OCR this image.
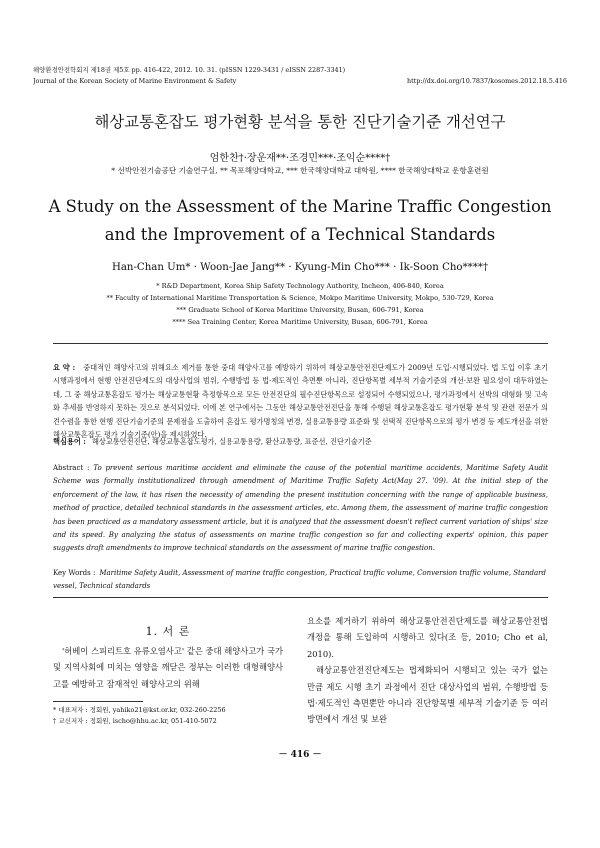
해양환경안전학회지 제18권 제5호 pp. 416-422, 2012. 10. 31. (pISSN 1229-3431 / eISSN 2287-3341)
Journal of the Korean Society of Marine Environment & Safety	http://dx.doi.org/10.7837/kosomes.2012.18.5.416
해상교통혼잡도 평가현황 분석을 통한 진단기술기준 개선연구
엄한찬†·장운재**·조경민***·조익순****†
* 선박안전기술공단 기술연구실, ** 목포해양대학교, *** 한국해양대학교 대학원, **** 한국해양대학교 운항훈련원
A Study on the Assessment of the Marine Traffic Congestion
and the Improvement of a Technical Standards
Han-Chan Um* · Woon-Jae Jang** · Kyung-Min Cho*** · Ik-Soon Cho****†
* R&D Department, Korea Ship Safety Technology Authority, Incheon, 406-840, Korea
** Faculty of International Maritime Transportation & Science, Mokpo Maritime University, Mokpo, 530-729, Korea
*** Graduate School of Korea Maritime University, Busan, 606-791, Korea
**** Sea Training Center, Korea Maritime University, Busan, 606-791, Korea
요 약 : 중대적인 해양사고의 위해요소 제거를 통한 중대 해양사고를 예방하기 위하여 해상교통안전진단제도가 2009년 도입·시행되었다. 법 도입 이후 초기 시행과정에서 현행 안전진단제도의 대상사업의 범위, 수행방법 등 법·제도적인 측면뿐 아니라, 진단항목별 세부적 기술기준의 개선·보완 필요성이 대두하였는데, 그 중 해상교통혼잡도 평가는 해상교통현황 측정항목으로 모든 안전진단의 필수진단항목으로 설정되어 수행되었으나, 평가과정에서 선박의 대형화 및 고속화 추세를 반영하지 못하는 것으로 분석되었다. 이에 본 연구에서는 그동안 해상교통안전진단을 통해 수행된 해상교통혼잡도 평가현황 분석 및 관련 전문가 의견수렴을 통한 현행 진단기술기준의 문제점을 도출하여 혼잡도 평가명칭의 변경, 실용교통용량 표준화 및 선택적 진단항목으로의 평가 변경 등 제도개선을 위한 해상교통혼잡도 평가 기술기준(안)을 제시하였다.
핵심용어 : 해상교통안전진단, 해상교통혼잡도평가, 실용교통용량, 환산교통량, 표준선, 진단기술기준
Abstract : To prevent serious maritime accident and eliminate the cause of the potential maritime accidents, Maritime Safety Audit Scheme was formally institutionalized through amendment of Maritime Traffic Safety Act(May 27. '09). At the initial step of the enforcement of the law, it has risen the necessity of amending the present institution concerning with the range of applicable business, method of practice, detailed technical standards in the assessment articles, etc. Among them, the assessment of marine traffic congestion has been practiced as a mandatory assessment article, but it is analyzed that the assessment doesn't reflect current variation of ships' size and its speed. By analyzing the status of assessments on marine traffic congestion so far and collecting experts' opinion, this paper suggests draft amendments to improve technical standards on the assessment of marine traffic congestion.
Key Words : Maritime Safety Audit, Assessment of marine traffic congestion, Practical traffic volume, Conversion traffic volume, Standard vessel, Technical standards
1. 서 론

'허베이 스피리트호 유류오염사고' 같은 중대 해양사고가 국가 및 지역사회에 미치는 영향을 깨닫은 정부는 이러한 대형해양사고를 예방하고 잠재적인 해양사고의 위해

요소를 제거하기 위하여 해상교통안전진단제도를 해상교통안전법 개정을 통해 도입하여 시행하고 있다(조 등, 2010; Cho et al, 2010).

해상교통안전진단제도는 법제화되어 시행되고 있는 국가 없는 만큼 제도 시행 초기 과정에서 진단 대상사업의 범위, 수행방법 등 법·제도적인 측면뿐만 아니라 진단항목별 세부적 기술기준 등 여러 방면에서 개선 및 보완

* 대표저자 : 정회원, yahiko21@kst.or.kr, 032-260-2256
† 교신저자 : 정회원, ischo@hhu.ac.kr, 051-410-5072
－ 416 －
